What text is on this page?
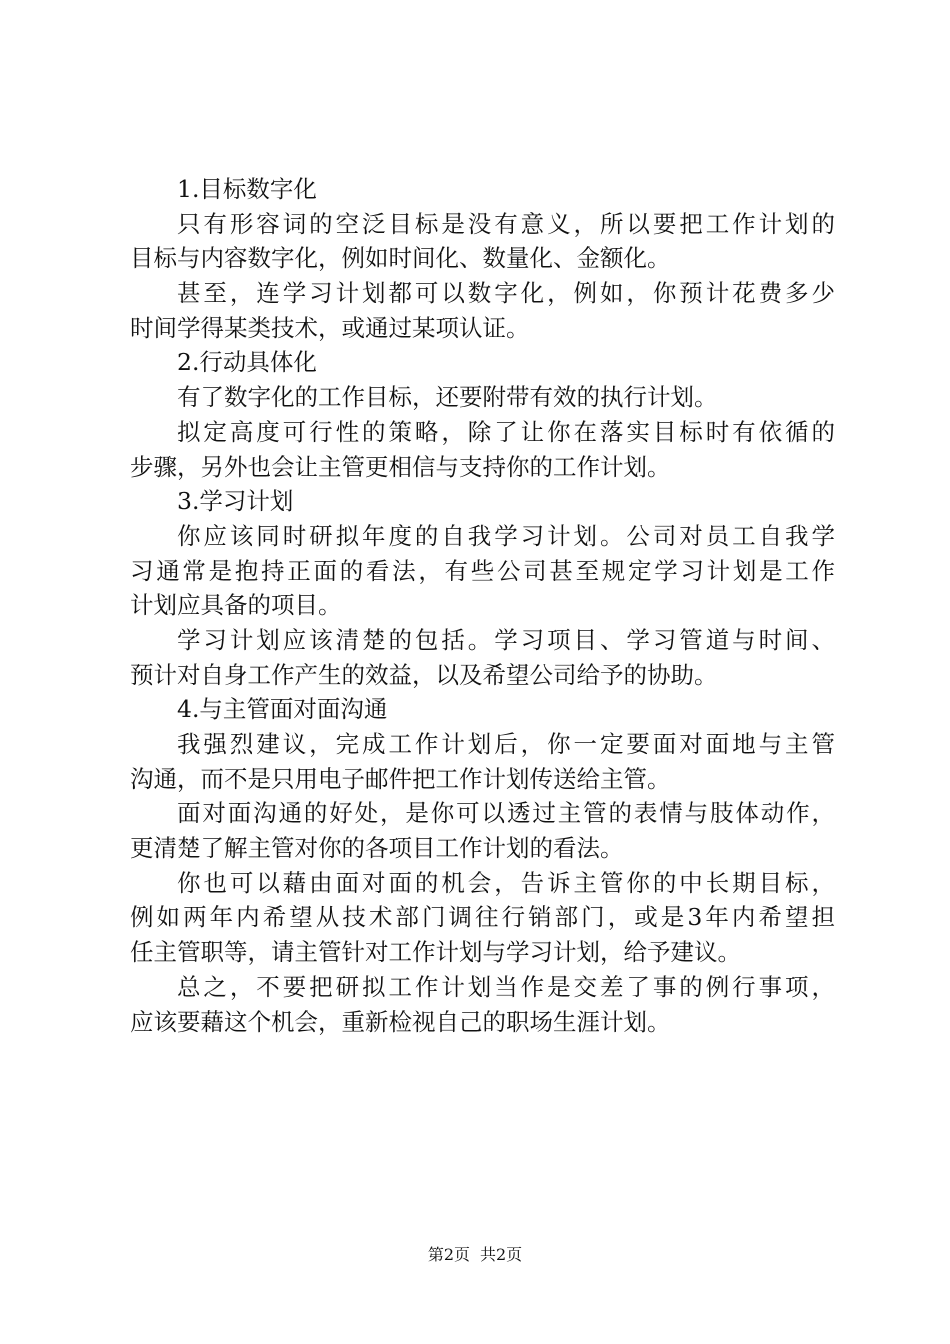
1.目标数字化
只有形容词的空泛目标是没有意义，所以要把工作计划的
目标与内容数字化，例如时间化、数量化、金额化。
甚至，连学习计划都可以数字化，例如，你预计花费多少
时间学得某类技术，或通过某项认证。
2.行动具体化
有了数字化的工作目标，还要附带有效的执行计划。
拟定高度可行性的策略，除了让你在落实目标时有依循的
步骤，另外也会让主管更相信与支持你的工作计划。
3.学习计划
你应该同时研拟年度的自我学习计划。公司对员工自我学
习通常是抱持正面的看法，有些公司甚至规定学习计划是工作
计划应具备的项目。
学习计划应该清楚的包括。学习项目、学习管道与时间、
预计对自身工作产生的效益，以及希望公司给予的协助。
4.与主管面对面沟通
我强烈建议，完成工作计划后，你一定要面对面地与主管
沟通，而不是只用电子邮件把工作计划传送给主管。
面对面沟通的好处，是你可以透过主管的表情与肢体动作，
更清楚了解主管对你的各项目工作计划的看法。
你也可以藉由面对面的机会，告诉主管你的中长期目标，
例如两年内希望从技术部门调往行销部门，或是3年内希望担
任主管职等，请主管针对工作计划与学习计划，给予建议。
总之，不要把研拟工作计划当作是交差了事的例行事项，
应该要藉这个机会，重新检视自己的职场生涯计划。
第2页 共2页
